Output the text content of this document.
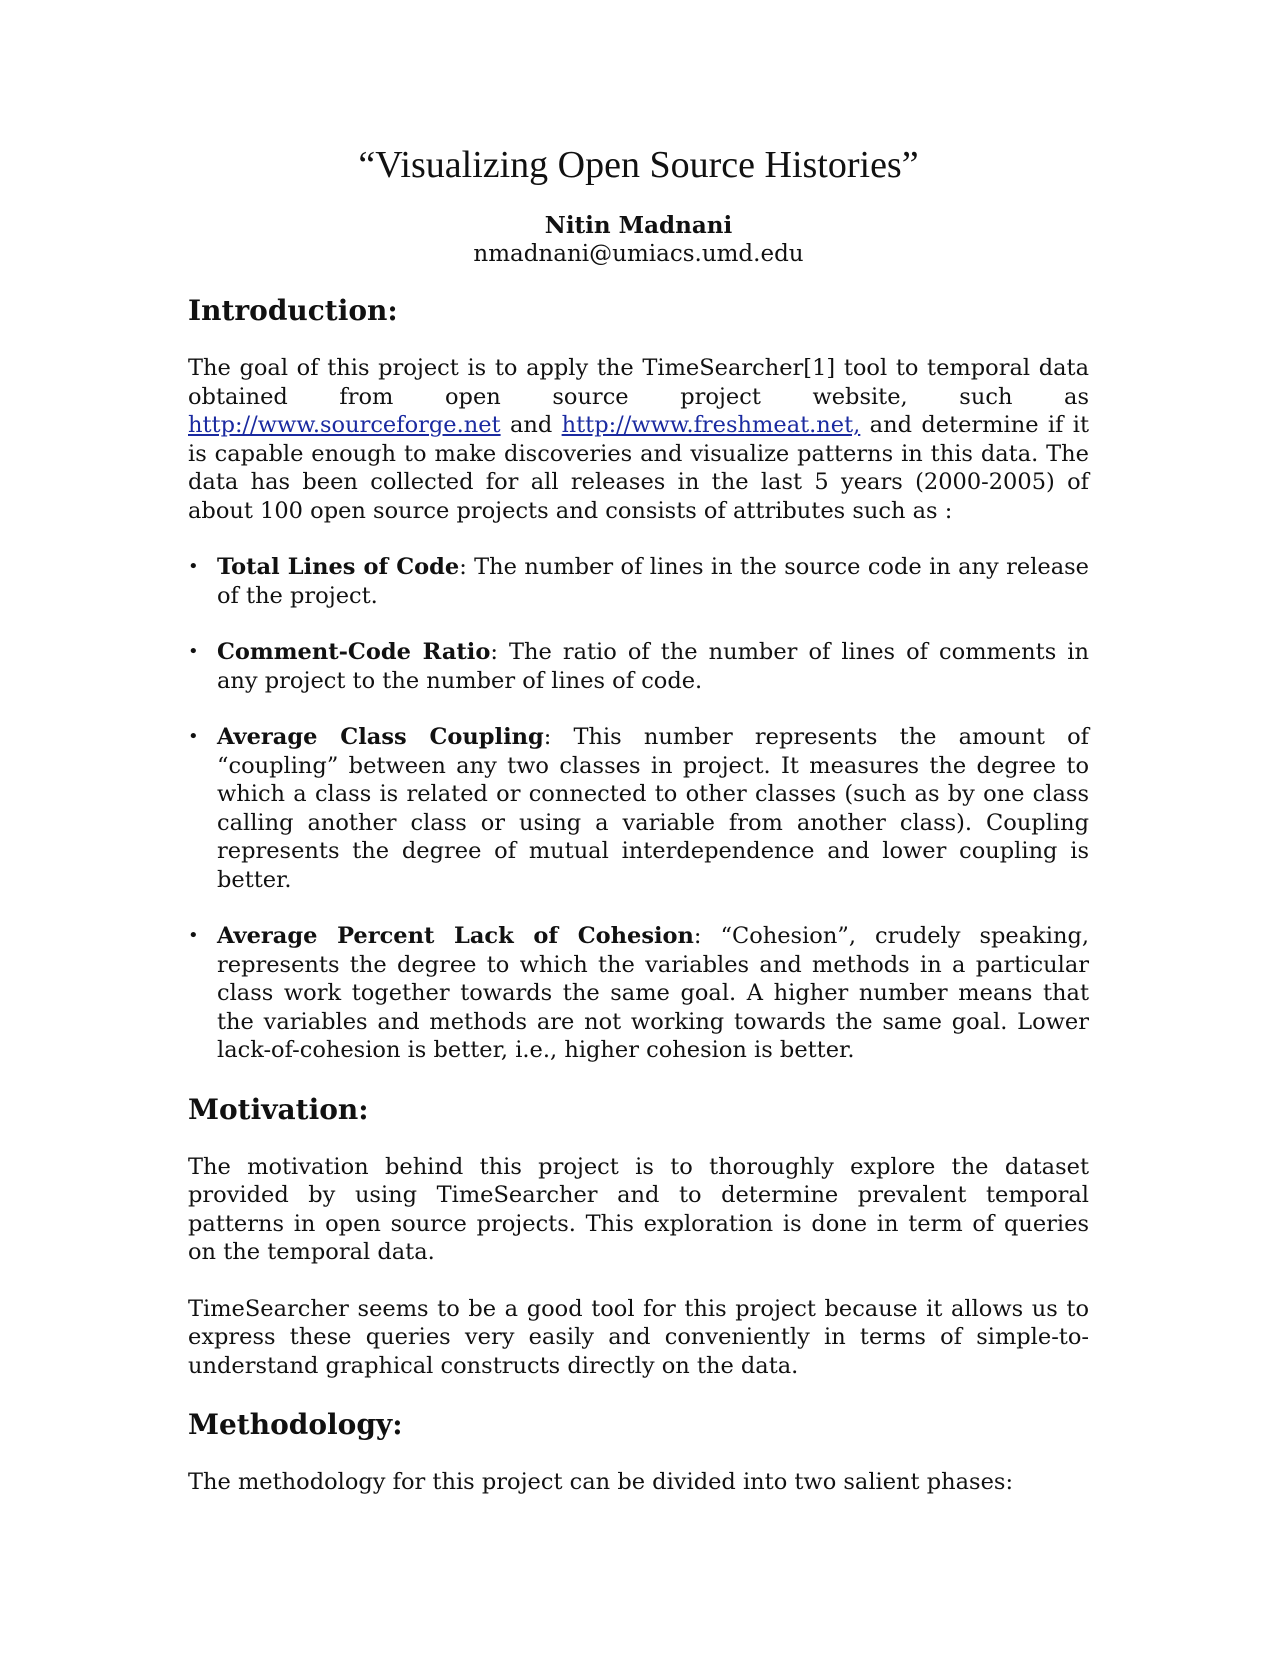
“Visualizing Open Source Histories”

Nitin Madnani

nmadnani@umiacs.umd.edu

Introduction:

The goal of this project is to apply the TimeSearcher[1] tool to temporal data obtained from open source project website, such as http://www.sourceforge.net and http://www.freshmeat.net, and determine if it is capable enough to make discoveries and visualize patterns in this data. The data has been collected for all releases in the last 5 years (2000-2005) of about 100 open source projects and consists of attributes such as :

• Total Lines of Code: The number of lines in the source code in any release of the project.
• Comment-Code Ratio: The ratio of the number of lines of comments in any project to the number of lines of code.
• Average Class Coupling: This number represents the amount of “coupling” between any two classes in project. It measures the degree to which a class is related or connected to other classes (such as by one class calling another class or using a variable from another class). Coupling represents the degree of mutual interdependence and lower coupling is better.
• Average Percent Lack of Cohesion: “Cohesion”, crudely speaking, represents the degree to which the variables and methods in a particular class work together towards the same goal. A higher number means that the variables and methods are not working towards the same goal. Lower lack-of-cohesion is better, i.e., higher cohesion is better.
Motivation:

The motivation behind this project is to thoroughly explore the dataset provided by using TimeSearcher and to determine prevalent temporal patterns in open source projects. This exploration is done in term of queries on the temporal data.

TimeSearcher seems to be a good tool for this project because it allows us to express these queries very easily and conveniently in terms of simple-to-understand graphical constructs directly on the data.

Methodology:

The methodology for this project can be divided into two salient phases:
